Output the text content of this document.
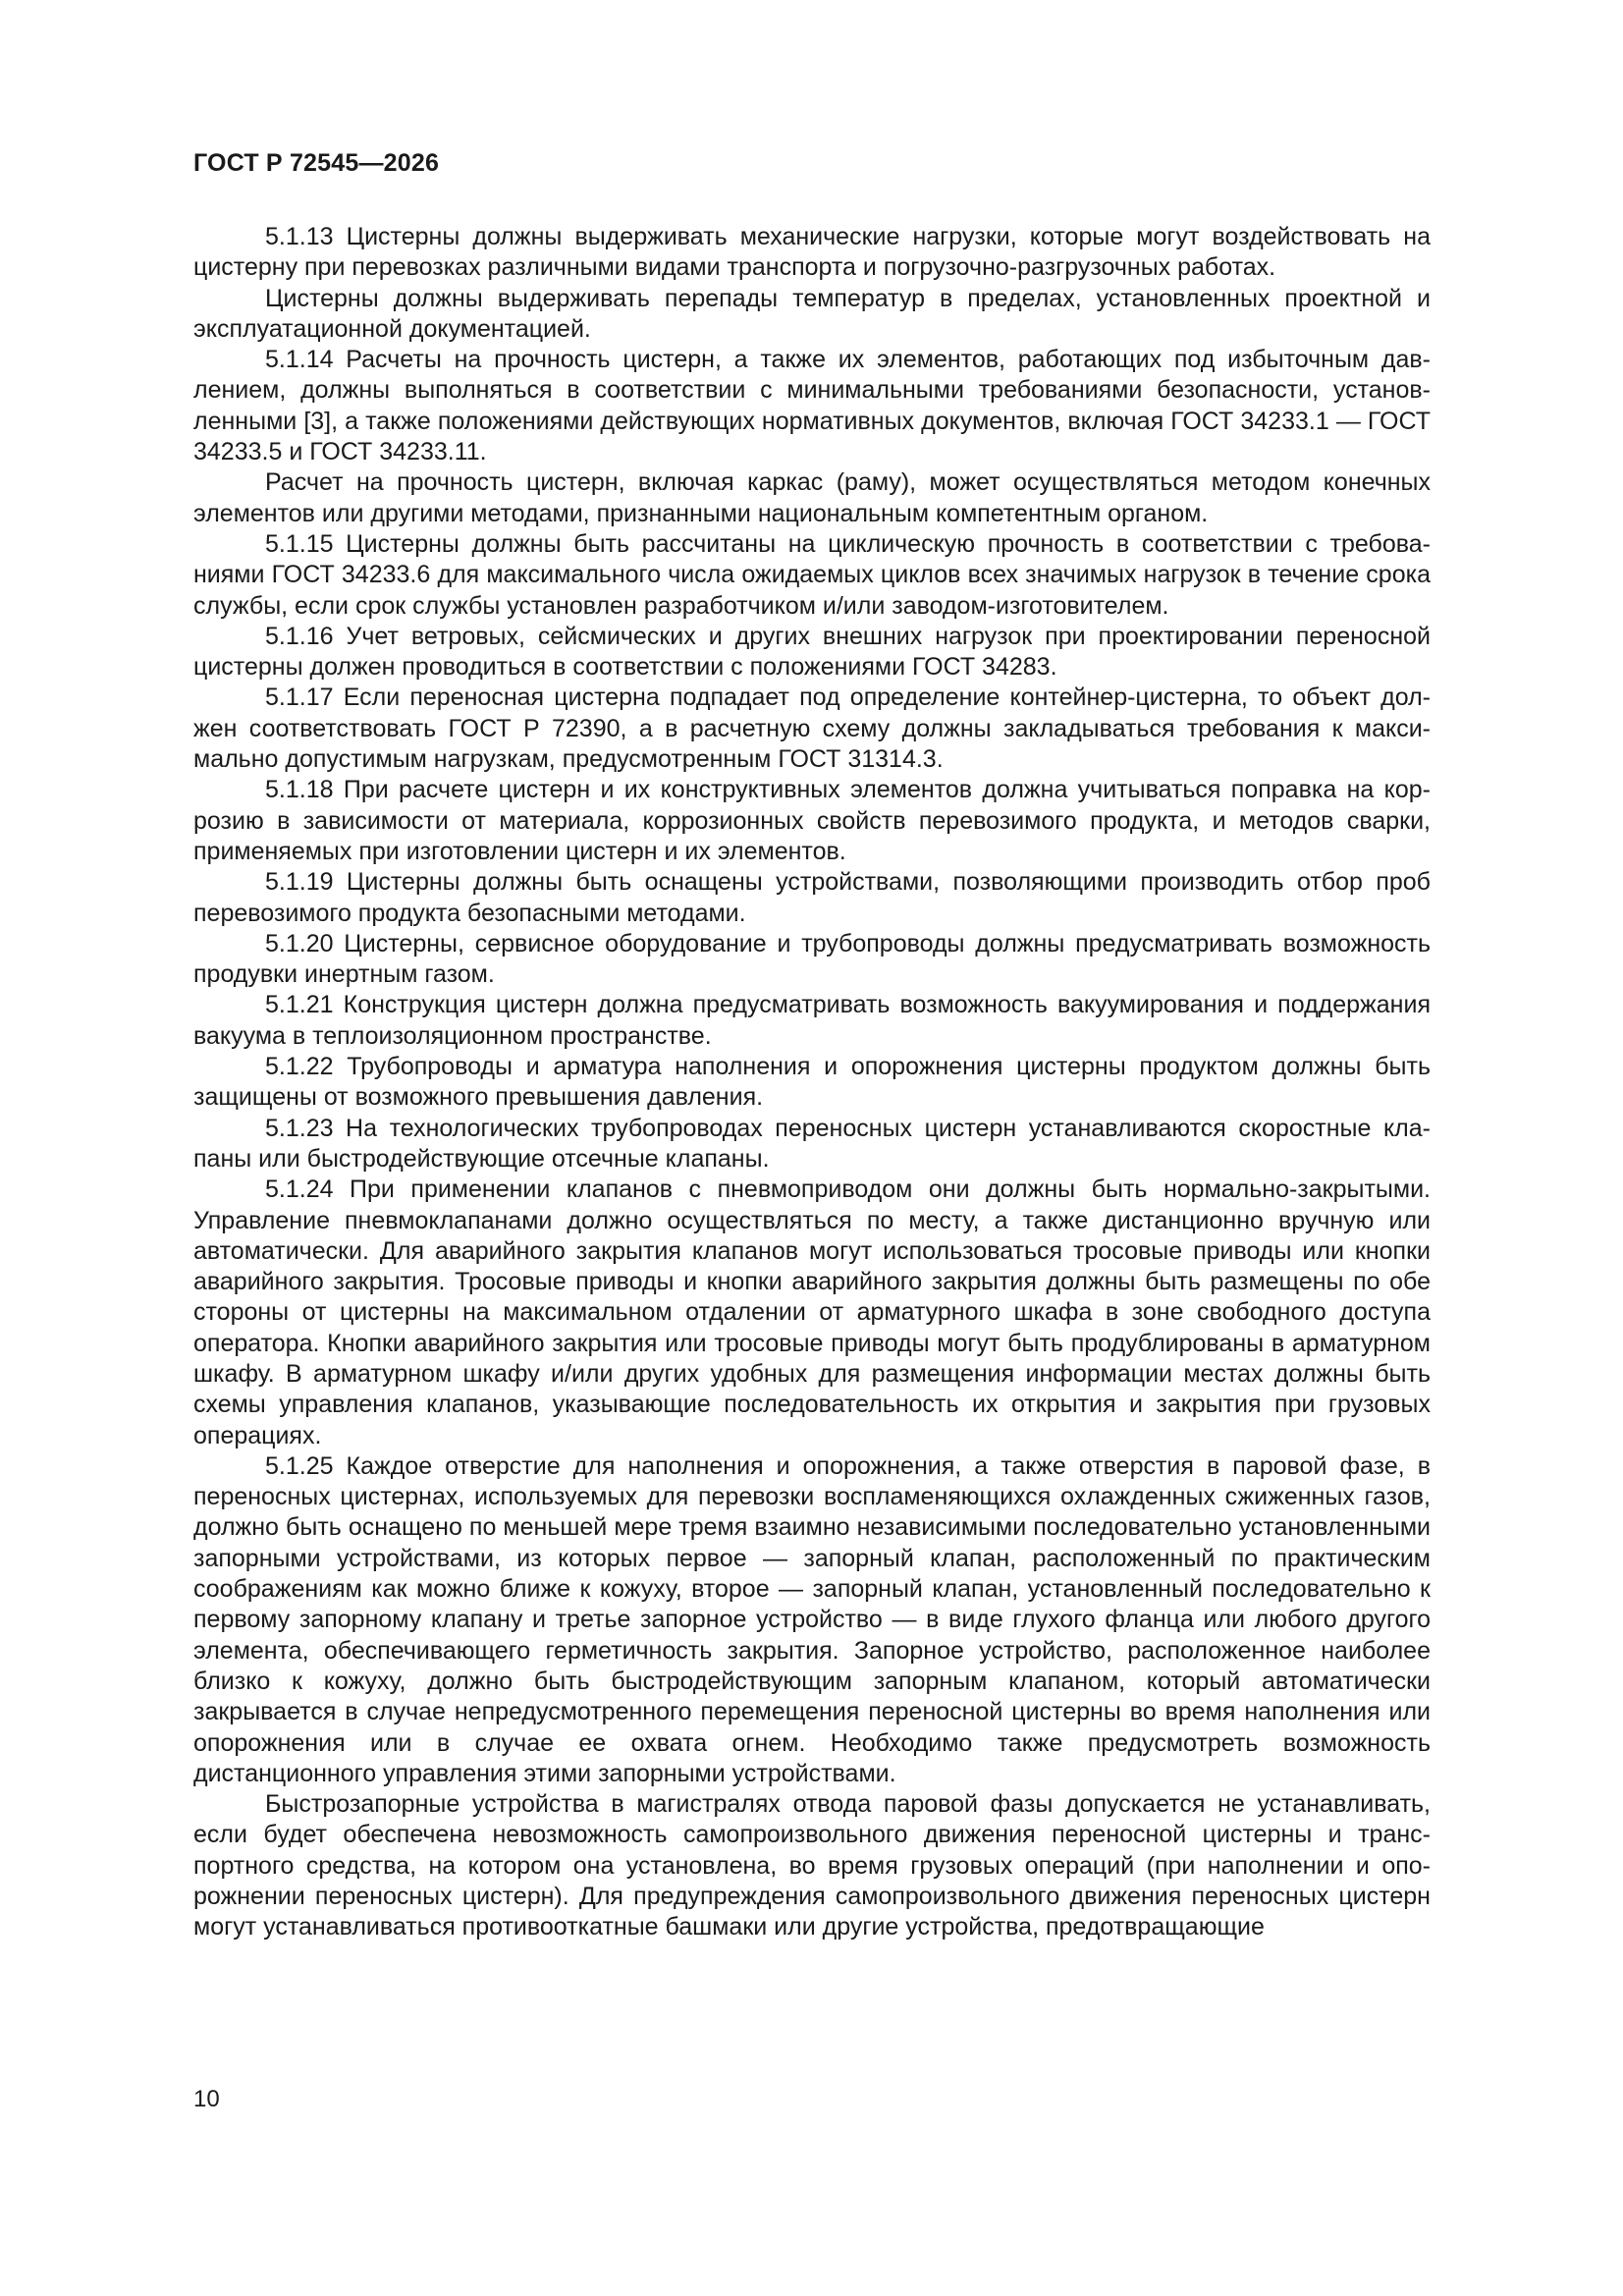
ГОСТ Р 72545—2026

5.1.13 Цистерны должны выдерживать механические нагрузки, которые могут воздействовать на цистерну при перевозках различными видами транспорта и погрузочно-разгрузочных работах.

Цистерны должны выдерживать перепады температур в пределах, установленных проектной и эксплуатационной документацией.

5.1.14 Расчеты на прочность цистерн, а также их элементов, работающих под избыточным давлением, должны выполняться в соответствии с минимальными требованиями безопасности, установленными [3], а также положениями действующих нормативных документов, включая ГОСТ 34233.1 — ГОСТ 34233.5 и ГОСТ 34233.11.

Расчет на прочность цистерн, включая каркас (раму), может осуществляться методом конечных элементов или другими методами, признанными национальным компетентным органом.

5.1.15 Цистерны должны быть рассчитаны на циклическую прочность в соответствии с требованиями ГОСТ 34233.6 для максимального числа ожидаемых циклов всех значимых нагрузок в течение срока службы, если срок службы установлен разработчиком и/или заводом-изготовителем.

5.1.16 Учет ветровых, сейсмических и других внешних нагрузок при проектировании переносной цистерны должен проводиться в соответствии с положениями ГОСТ 34283.

5.1.17 Если переносная цистерна подпадает под определение контейнер-цистерна, то объект должен соответствовать ГОСТ Р 72390, а в расчетную схему должны закладываться требования к максимально допустимым нагрузкам, предусмотренным ГОСТ 31314.3.

5.1.18 При расчете цистерн и их конструктивных элементов должна учитываться поправка на коррозию в зависимости от материала, коррозионных свойств перевозимого продукта, и методов сварки, применяемых при изготовлении цистерн и их элементов.

5.1.19 Цистерны должны быть оснащены устройствами, позволяющими производить отбор проб перевозимого продукта безопасными методами.

5.1.20 Цистерны, сервисное оборудование и трубопроводы должны предусматривать возможность продувки инертным газом.

5.1.21 Конструкция цистерн должна предусматривать возможность вакуумирования и поддержания вакуума в теплоизоляционном пространстве.

5.1.22 Трубопроводы и арматура наполнения и опорожнения цистерны продуктом должны быть защищены от возможного превышения давления.

5.1.23 На технологических трубопроводах переносных цистерн устанавливаются скоростные клапаны или быстродействующие отсечные клапаны.

5.1.24 При применении клапанов с пневмоприводом они должны быть нормально-закрытыми. Управление пневмоклапанами должно осуществляться по месту, а также дистанционно вручную или автоматически. Для аварийного закрытия клапанов могут использоваться тросовые приводы или кнопки аварийного закрытия. Тросовые приводы и кнопки аварийного закрытия должны быть размещены по обе стороны от цистерны на максимальном отдалении от арматурного шкафа в зоне свободного доступа оператора. Кнопки аварийного закрытия или тросовые приводы могут быть продублированы в арматурном шкафу. В арматурном шкафу и/или других удобных для размещения информации местах должны быть схемы управления клапанов, указывающие последовательность их открытия и закрытия при грузовых операциях.

5.1.25 Каждое отверстие для наполнения и опорожнения, а также отверстия в паровой фазе, в переносных цистернах, используемых для перевозки воспламеняющихся охлажденных сжиженных газов, должно быть оснащено по меньшей мере тремя взаимно независимыми последовательно установленными запорными устройствами, из которых первое — запорный клапан, расположенный по практическим соображениям как можно ближе к кожуху, второе — запорный клапан, установленный последовательно к первому запорному клапану и третье запорное устройство — в виде глухого фланца или любого другого элемента, обеспечивающего герметичность закрытия. Запорное устройство, расположенное наиболее близко к кожуху, должно быть быстродействующим запорным клапаном, который автоматически закрывается в случае непредусмотренного перемещения переносной цистерны во время наполнения или опорожнения или в случае ее охвата огнем. Необходимо также предусмотреть возможность дистанционного управления этими запорными устройствами.

Быстрозапорные устройства в магистралях отвода паровой фазы допускается не устанавливать, если будет обеспечена невозможность самопроизвольного движения переносной цистерны и транспортного средства, на котором она установлена, во время грузовых операций (при наполнении и опорожнении переносных цистерн). Для предупреждения самопроизвольного движения переносных цистерн могут устанавливаться противооткатные башмаки или другие устройства, предотвращающие

10
